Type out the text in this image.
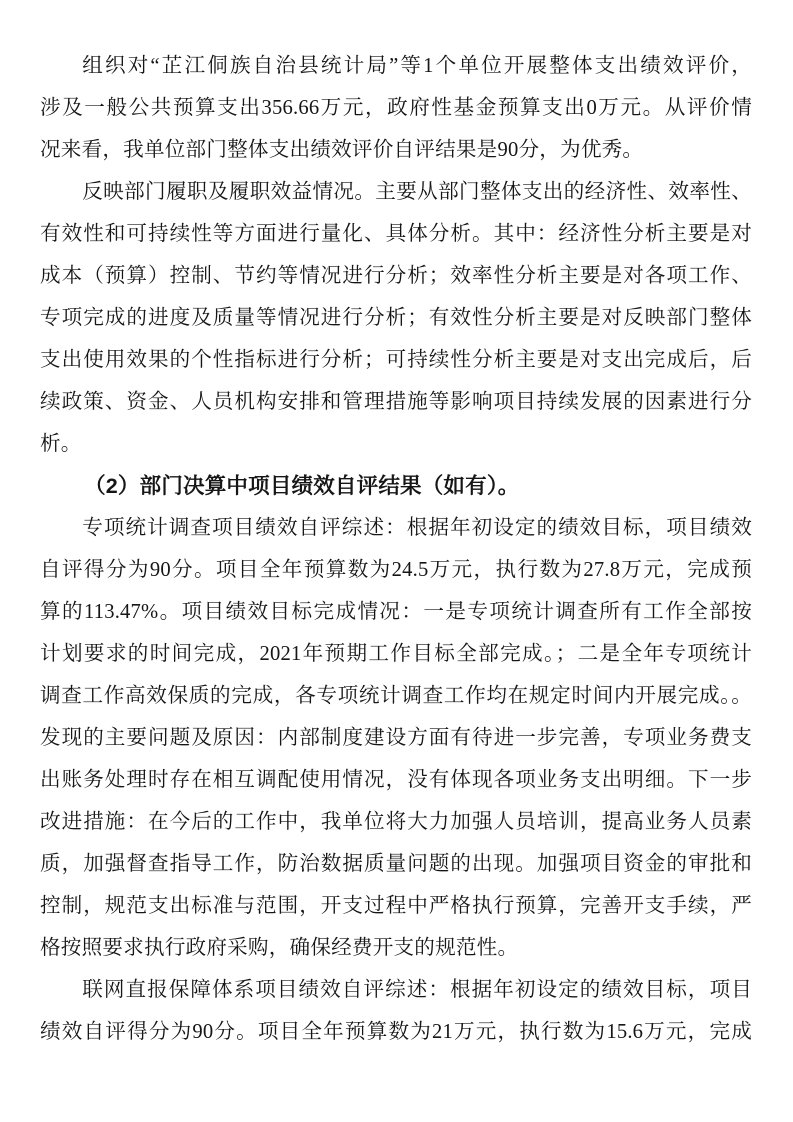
组织对“芷江侗族自治县统计局”等1个单位开展整体支出绩效评价，
涉及一般公共预算支出356.66万元，政府性基金预算支出0万元。从评价情
况来看，我单位部门整体支出绩效评价自评结果是90分，为优秀。
反映部门履职及履职效益情况。主要从部门整体支出的经济性、效率性、
有效性和可持续性等方面进行量化、具体分析。其中：经济性分析主要是对
成本（预算）控制、节约等情况进行分析；效率性分析主要是对各项工作、
专项完成的进度及质量等情况进行分析；有效性分析主要是对反映部门整体
支出使用效果的个性指标进行分析；可持续性分析主要是对支出完成后，后
续政策、资金、人员机构安排和管理措施等影响项目持续发展的因素进行分
析。
（2）部门决算中项目绩效自评结果（如有）。
专项统计调查项目绩效自评综述：根据年初设定的绩效目标，项目绩效
自评得分为90分。项目全年预算数为24.5万元，执行数为27.8万元，完成预
算的113.47%。项目绩效目标完成情况：一是专项统计调查所有工作全部按
计划要求的时间完成，2021年预期工作目标全部完成。；二是全年专项统计
调查工作高效保质的完成，各专项统计调查工作均在规定时间内开展完成。。
发现的主要问题及原因：内部制度建设方面有待进一步完善，专项业务费支
出账务处理时存在相互调配使用情况，没有体现各项业务支出明细。下一步
改进措施：在今后的工作中，我单位将大力加强人员培训，提高业务人员素
质，加强督查指导工作，防治数据质量问题的出现。加强项目资金的审批和
控制，规范支出标准与范围，开支过程中严格执行预算，完善开支手续，严
格按照要求执行政府采购，确保经费开支的规范性。
联网直报保障体系项目绩效自评综述：根据年初设定的绩效目标，项目
绩效自评得分为90分。项目全年预算数为21万元，执行数为15.6万元，完成
